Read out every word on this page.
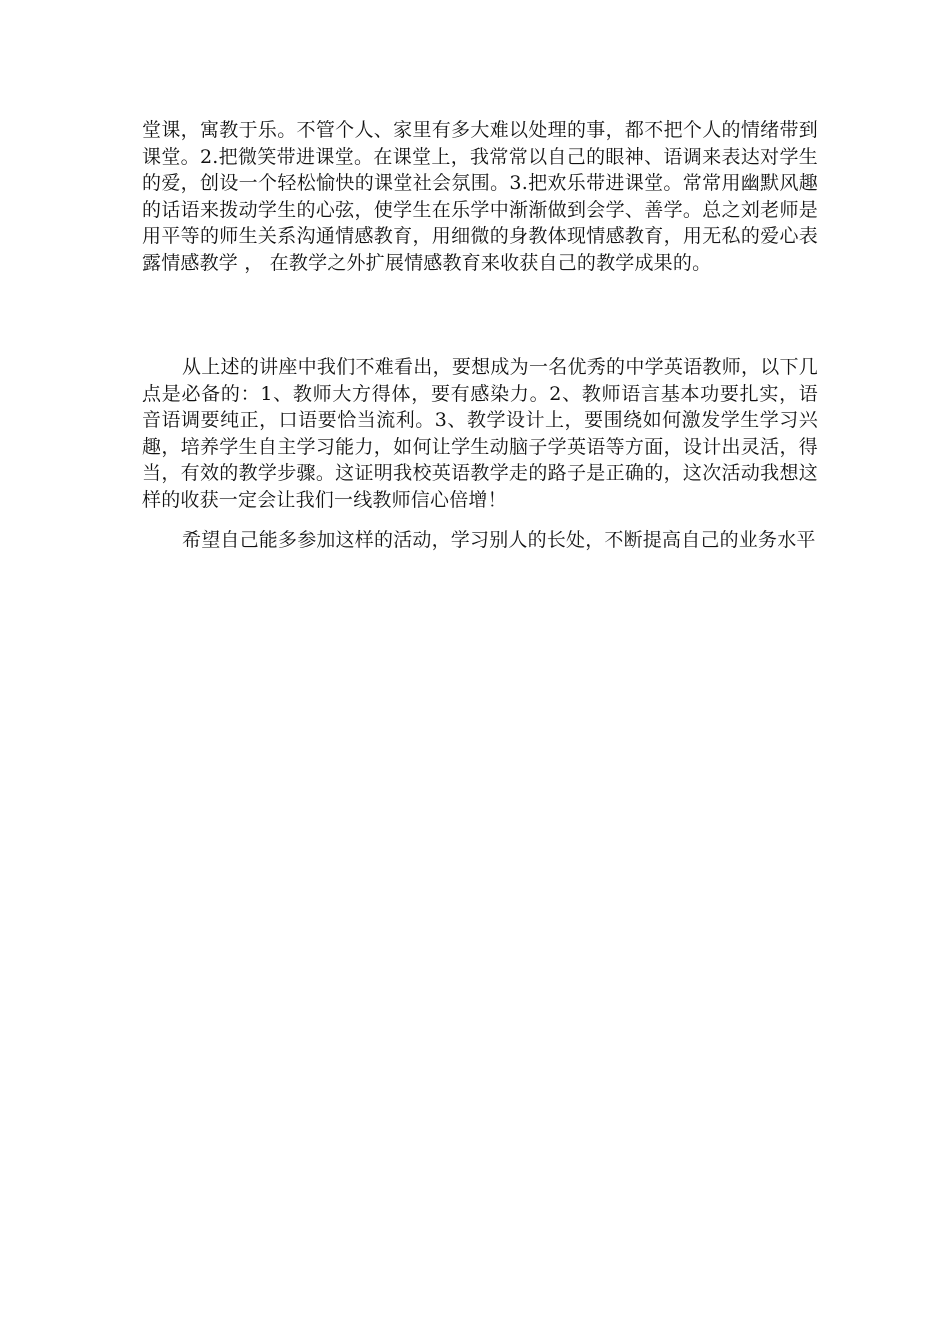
堂课，寓教于乐。不管个人、家里有多大难以处理的事，都不把个人的情绪带到课堂。2.把微笑带进课堂。在课堂上，我常常以自己的眼神、语调来表达对学生的爱，创设一个轻松愉快的课堂社会氛围。3.把欢乐带进课堂。常常用幽默风趣的话语来拨动学生的心弦，使学生在乐学中渐渐做到会学、善学。总之刘老师是用平等的师生关系沟通情感教育，用细微的身教体现情感教育，用无私的爱心表露情感教学 ， 在教学之外扩展情感教育来收获自己的教学成果的。

从上述的讲座中我们不难看出，要想成为一名优秀的中学英语教师，以下几点是必备的：1、教师大方得体，要有感染力。2、教师语言基本功要扎实，语音语调要纯正，口语要恰当流利。3、教学设计上，要围绕如何激发学生学习兴趣，培养学生自主学习能力，如何让学生动脑子学英语等方面，设计出灵活，得当，有效的教学步骤。这证明我校英语教学走的路子是正确的，这次活动我想这样的收获一定会让我们一线教师信心倍增！

希望自己能多参加这样的活动，学习别人的长处，不断提高自己的业务水平
